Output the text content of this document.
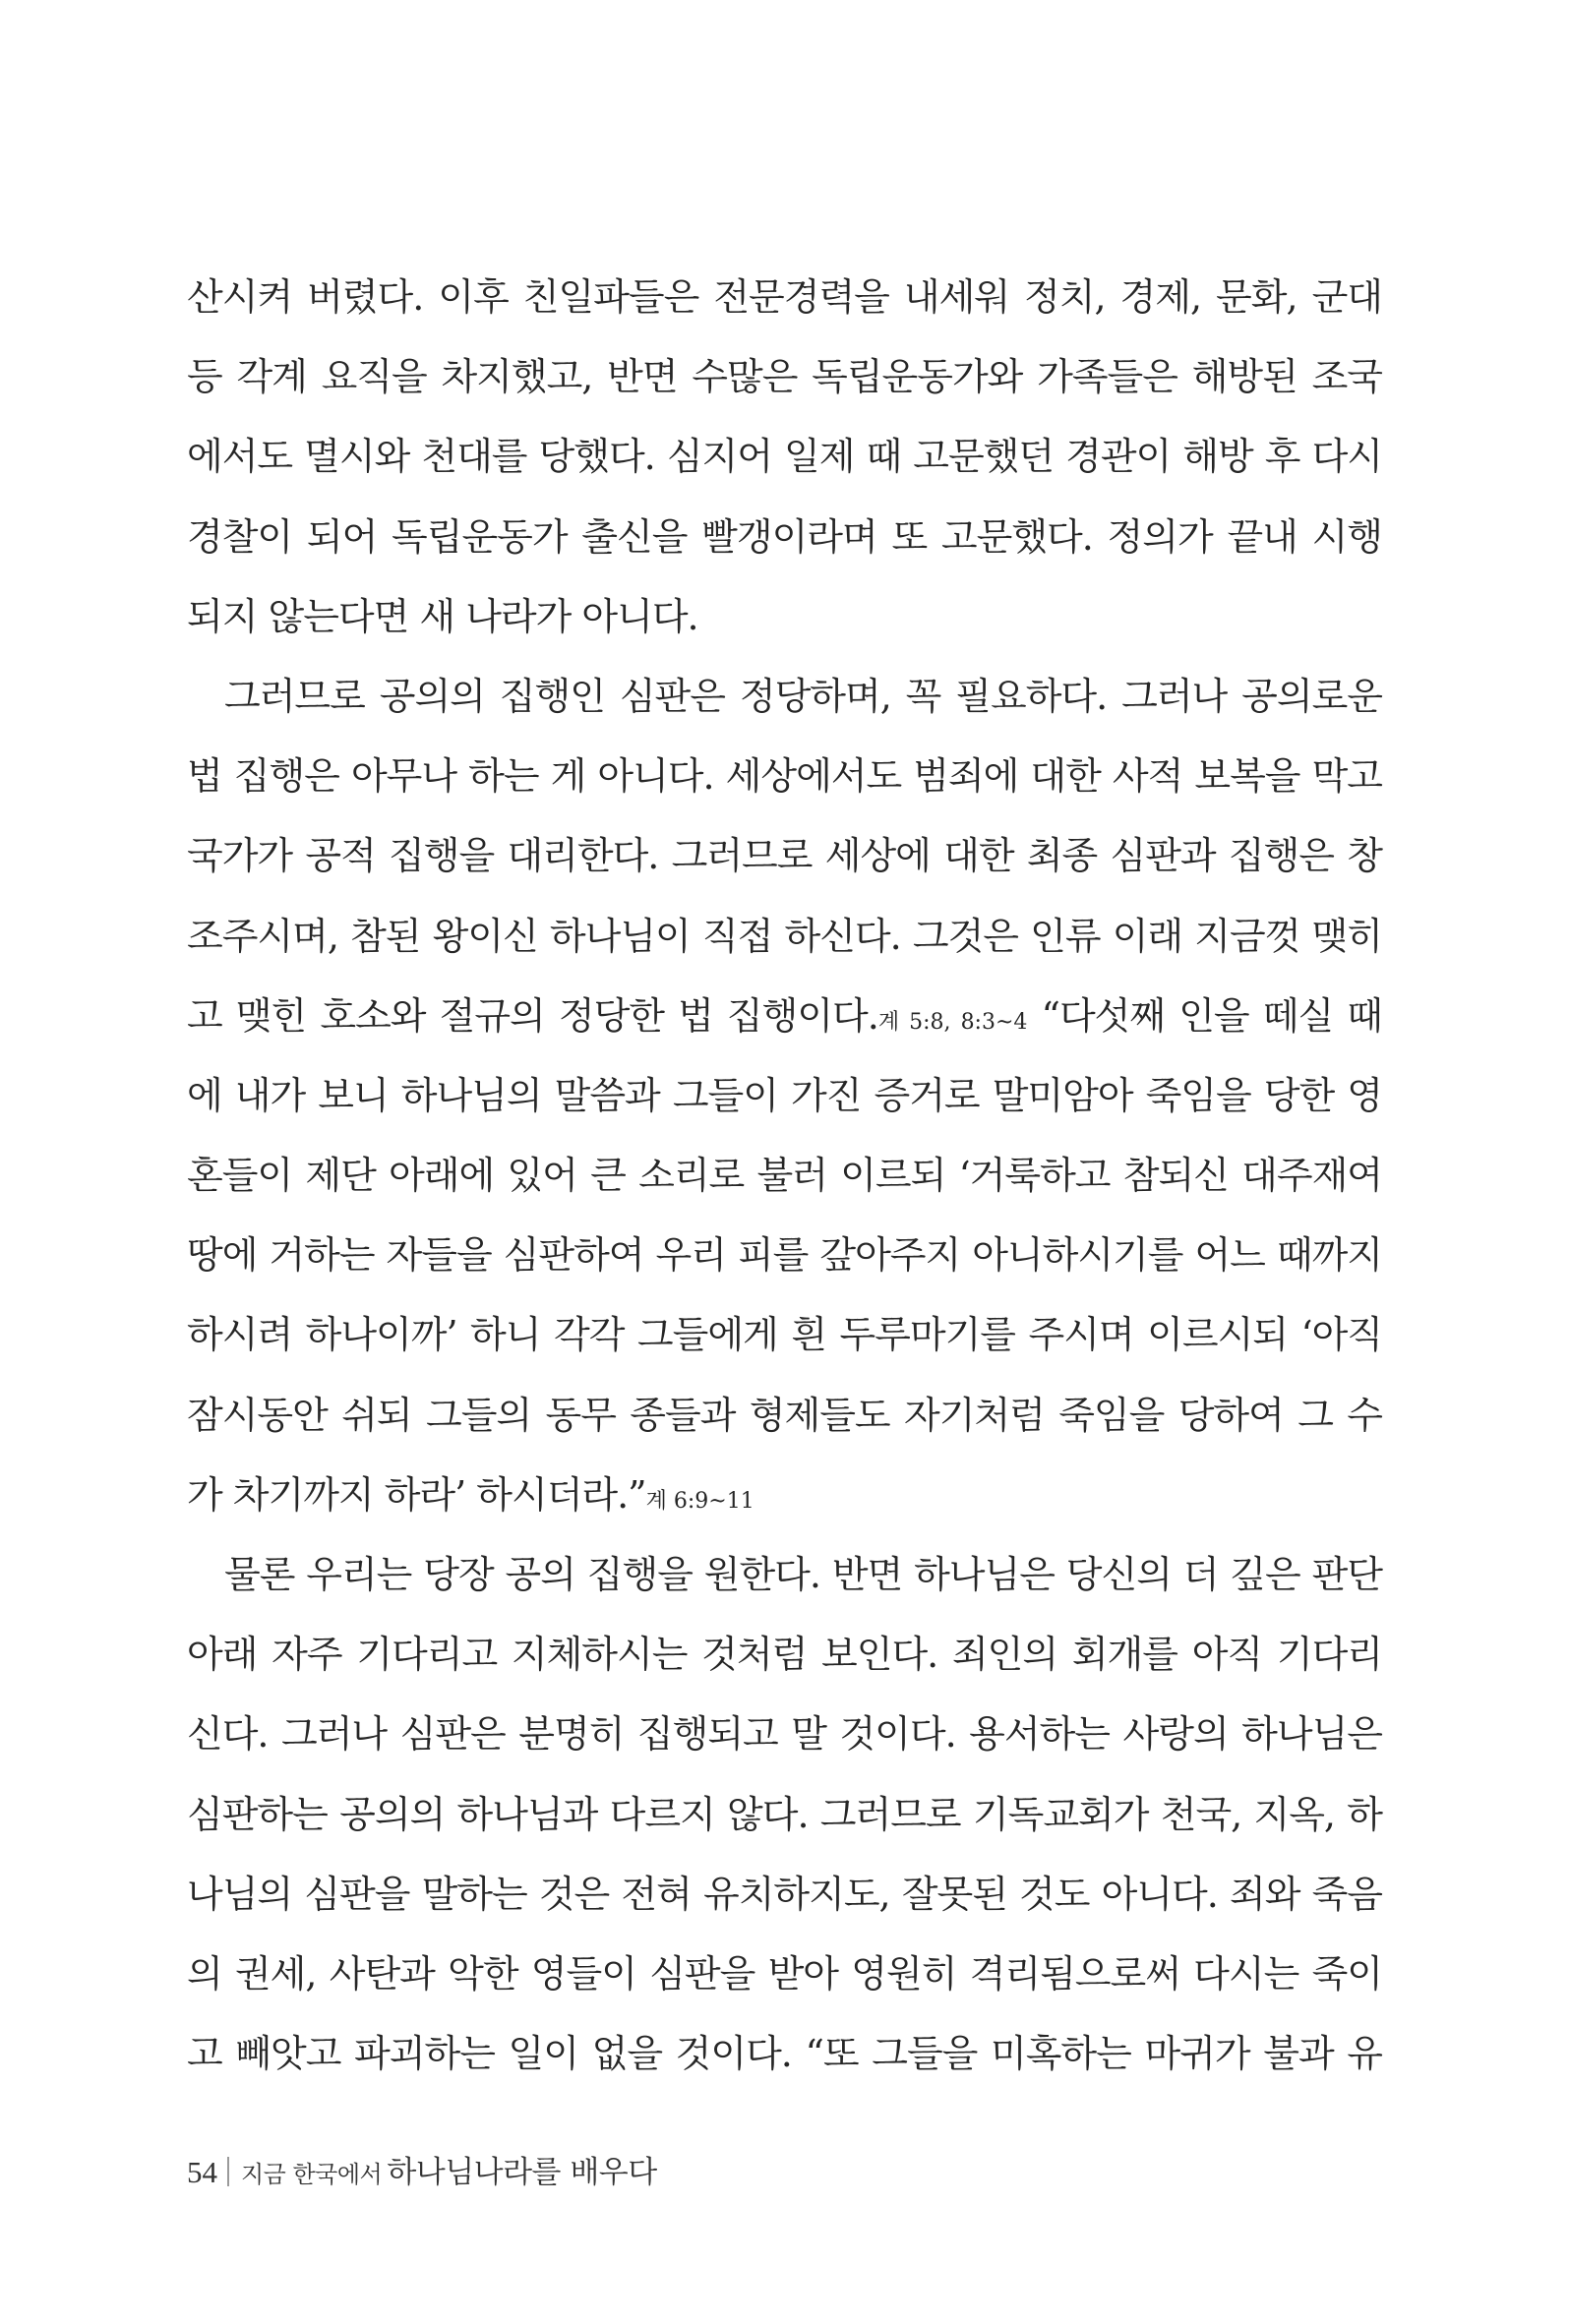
산시켜 버렸다. 이후 친일파들은 전문경력을 내세워 정치, 경제, 문화, 군대
등 각계 요직을 차지했고, 반면 수많은 독립운동가와 가족들은 해방된 조국
에서도 멸시와 천대를 당했다. 심지어 일제 때 고문했던 경관이 해방 후 다시
경찰이 되어 독립운동가 출신을 빨갱이라며 또 고문했다. 정의가 끝내 시행
되지 않는다면 새 나라가 아니다.
그러므로 공의의 집행인 심판은 정당하며, 꼭 필요하다. 그러나 공의로운
법 집행은 아무나 하는 게 아니다. 세상에서도 범죄에 대한 사적 보복을 막고
국가가 공적 집행을 대리한다. 그러므로 세상에 대한 최종 심판과 집행은 창
조주시며, 참된 왕이신 하나님이 직접 하신다. 그것은 인류 이래 지금껏 맺히
고 맺힌 호소와 절규의 정당한 법 집행이다.계 5:8, 8:3~4 “다섯째 인을 떼실 때
에 내가 보니 하나님의 말씀과 그들이 가진 증거로 말미암아 죽임을 당한 영
혼들이 제단 아래에 있어 큰 소리로 불러 이르되 ‘거룩하고 참되신 대주재여
땅에 거하는 자들을 심판하여 우리 피를 갚아주지 아니하시기를 어느 때까지
하시려 하나이까’ 하니 각각 그들에게 흰 두루마기를 주시며 이르시되 ‘아직
잠시동안 쉬되 그들의 동무 종들과 형제들도 자기처럼 죽임을 당하여 그 수
가 차기까지 하라’ 하시더라.”계 6:9~11
물론 우리는 당장 공의 집행을 원한다. 반면 하나님은 당신의 더 깊은 판단
아래 자주 기다리고 지체하시는 것처럼 보인다. 죄인의 회개를 아직 기다리
신다. 그러나 심판은 분명히 집행되고 말 것이다. 용서하는 사랑의 하나님은
심판하는 공의의 하나님과 다르지 않다. 그러므로 기독교회가 천국, 지옥, 하
나님의 심판을 말하는 것은 전혀 유치하지도, 잘못된 것도 아니다. 죄와 죽음
의 권세, 사탄과 악한 영들이 심판을 받아 영원히 격리됨으로써 다시는 죽이
고 빼앗고 파괴하는 일이 없을 것이다. “또 그들을 미혹하는 마귀가 불과 유
54 지금 한국에서 하나님나라를 배우다
